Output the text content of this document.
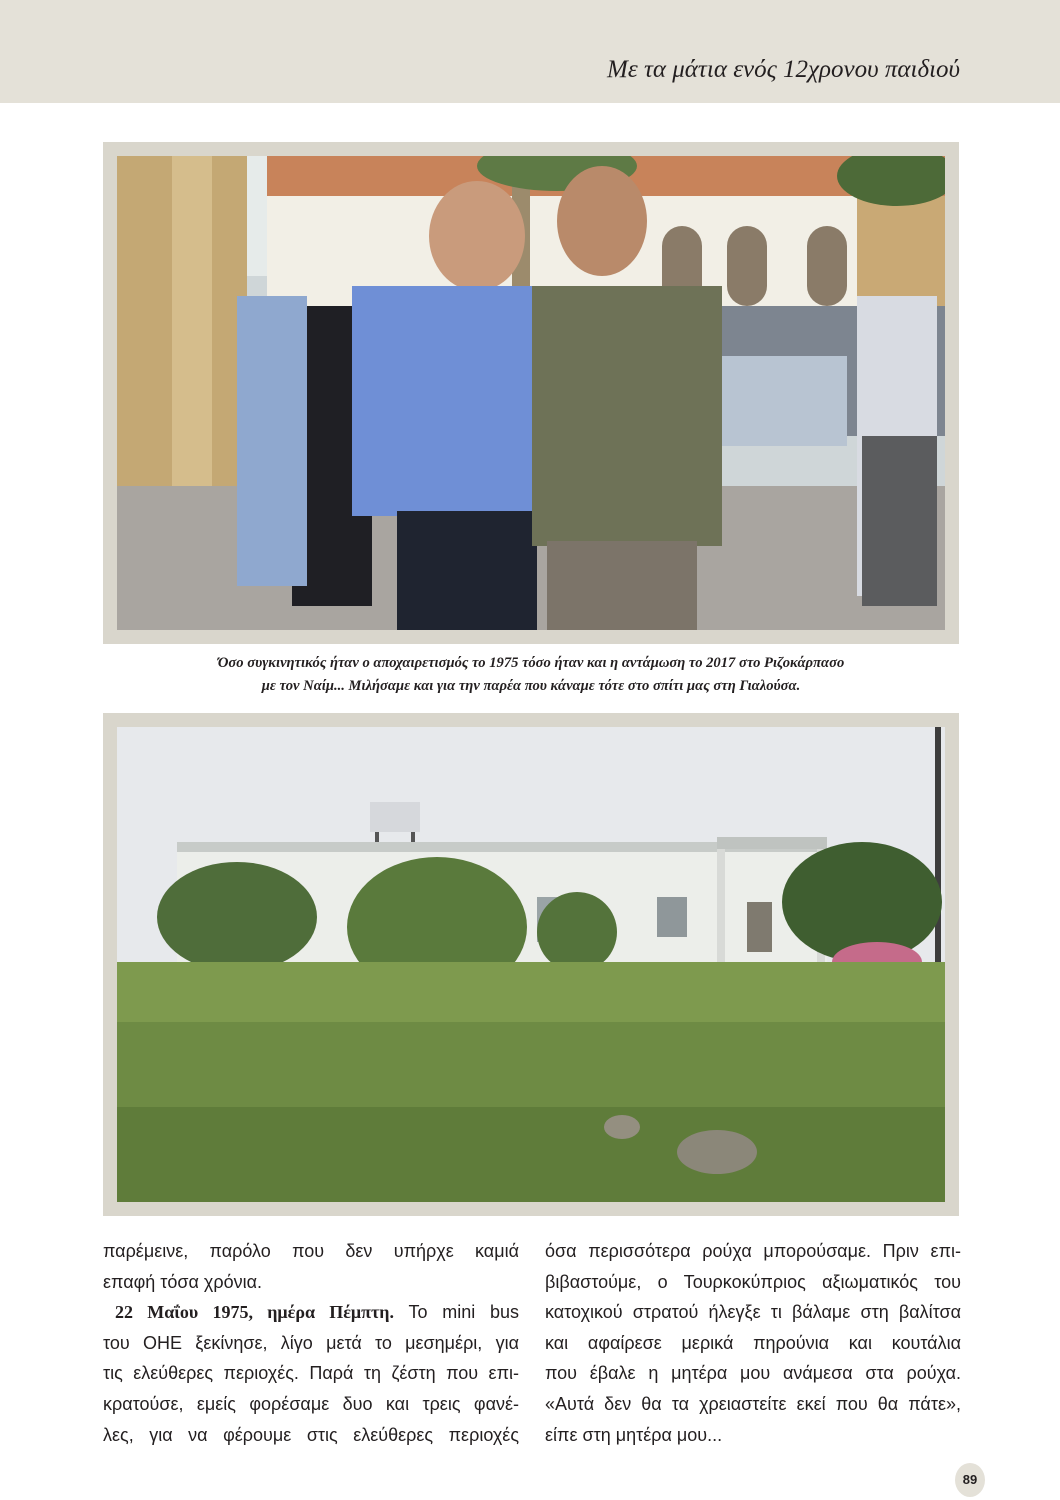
Με τα μάτια ενός 12χρονου παιδιού
Όσο συγκινητικός ήταν ο αποχαιρετισμός το 1975 τόσο ήταν και η αντάμωση το 2017 στο Ριζοκάρπασο
με τον Ναίμ... Μιλήσαμε και για την παρέα που κάναμε τότε στο σπίτι μας στη Γιαλούσα.
παρέμεινε, παρόλο που δεν υπήρχε καμιά
επαφή τόσα χρόνια.
22 Μαΐου 1975, ημέρα Πέμπτη. Το mini bus
του ΟΗΕ ξεκίνησε, λίγο μετά το μεσημέρι, για
τις ελεύθερες περιοχές. Παρά τη ζέστη που επι-
κρατούσε, εμείς φορέσαμε δυο και τρεις φανέ-
λες, για να φέρουμε στις ελεύθερες περιοχές
όσα περισσότερα ρούχα μπορούσαμε. Πριν επι-
βιβαστούμε, ο Τουρκοκύπριος αξιωματικός του
κατοχικού στρατού ήλεγξε τι βάλαμε στη βαλίτσα
και αφαίρεσε μερικά πηρούνια και κουτάλια
που έβαλε η μητέρα μου ανάμεσα στα ρούχα.
«Αυτά δεν θα τα χρειαστείτε εκεί που θα πάτε»,
είπε στη μητέρα μου...
89
